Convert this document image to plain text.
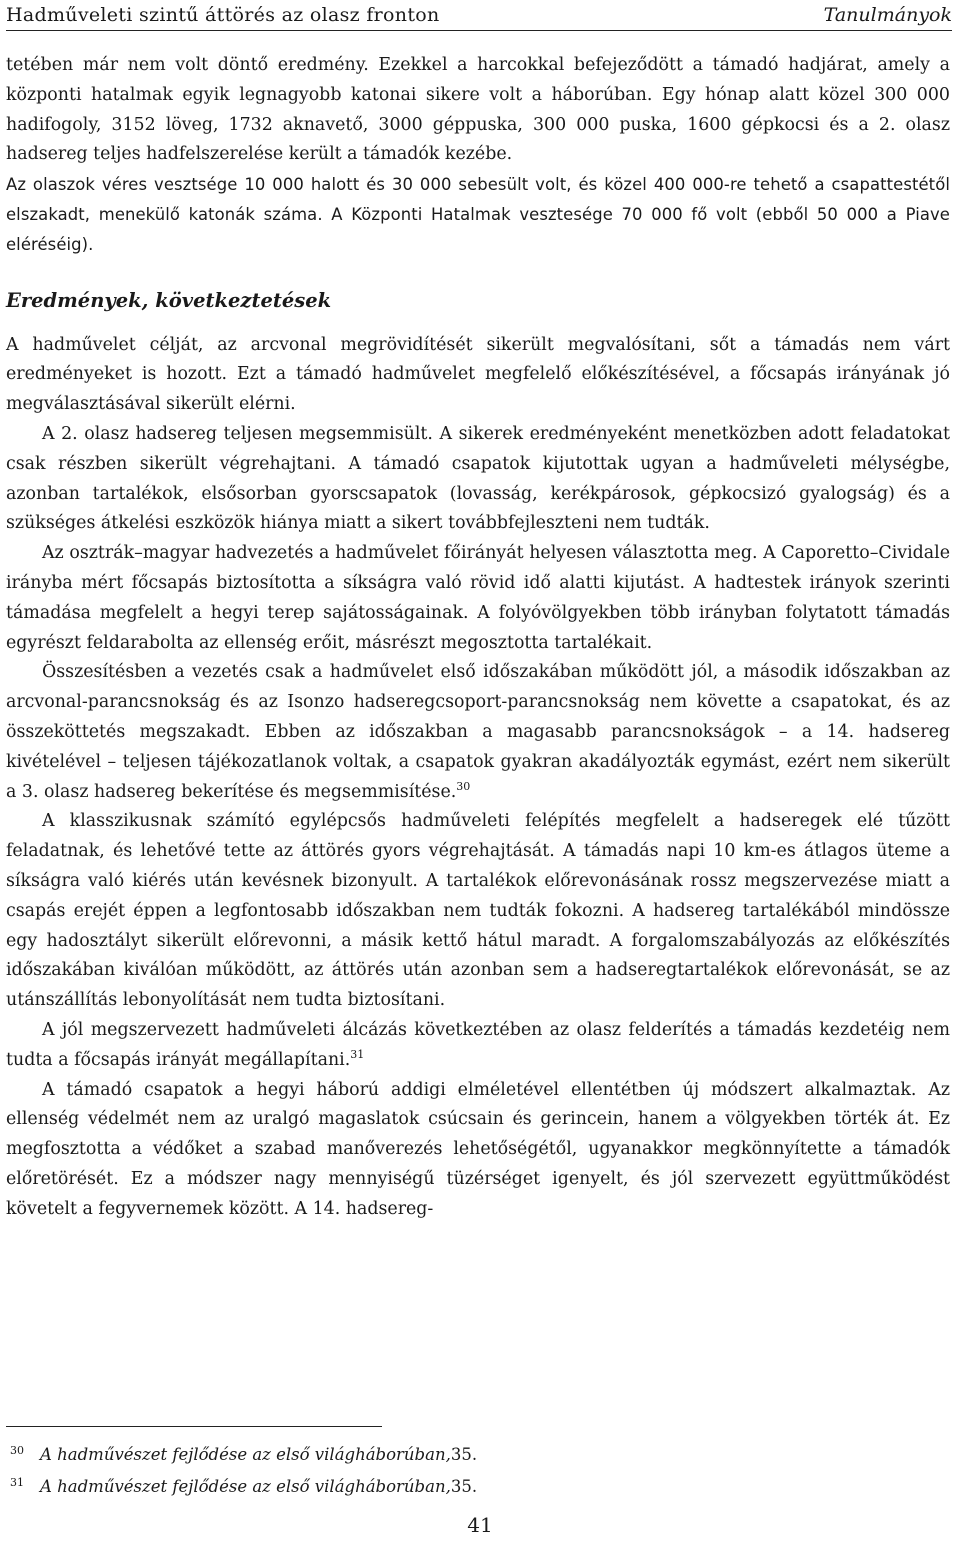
Hadműveleti szintű áttörés az olasz fronton	Tanulmányok

tetében már nem volt döntő eredmény. Ezekkel a harcokkal befejeződött a támadó hadjárat, amely a központi hatalmak egyik legnagyobb katonai sikere volt a háborúban. Egy hónap alatt közel 300 000 hadifogoly, 3152 löveg, 1732 aknavető, 3000 géppuska, 300 000 puska, 1600 gépkocsi és a 2. olasz hadsereg teljes hadfelszerelése került a támadók kezébe.

Az olaszok véres vesztsége 10 000 halott és 30 000 sebesült volt, és közel 400 000-re tehető a csapattestétől elszakadt, menekülő katonák száma. A Központi Hatalmak vesztesége 70 000 fő volt (ebből 50 000 a Piave eléréséig).

Eredmények, következtetések

A hadművelet célját, az arcvonal megrövidítését sikerült megvalósítani, sőt a támadás nem várt eredményeket is hozott. Ezt a támadó hadművelet megfelelő előkészítésével, a főcsapás irányának jó megválasztásával sikerült elérni.

A 2. olasz hadsereg teljesen megsemmisült. A sikerek eredményeként menetközben adott feladatokat csak részben sikerült végrehajtani. A támadó csapatok kijutottak ugyan a hadműveleti mélységbe, azonban tartalékok, elsősorban gyorscsapatok (lovasság, kerékpárosok, gépkocsizó gyalogság) és a szükséges átkelési eszközök hiánya miatt a sikert továbbfejleszteni nem tudták.

Az osztrák–magyar hadvezetés a hadművelet főirányát helyesen választotta meg. A Caporetto–Cividale irányba mért főcsapás biztosította a síkságra való rövid idő alatti kijutást. A hadtestek irányok szerinti támadása megfelelt a hegyi terep sajátosságainak. A folyóvölgyekben több irányban folytatott támadás egyrészt feldarabolta az ellenség erőit, másrészt megosztotta tartalékait.

Összesítésben a vezetés csak a hadművelet első időszakában működött jól, a második időszakban az arcvonal-parancsnokság és az Isonzo hadseregcsoport-parancsnokság nem követte a csapatokat, és az összeköttetés megszakadt. Ebben az időszakban a magasabb parancsnokságok – a 14. hadsereg kivételével – teljesen tájékozatlanok voltak, a csapatok gyakran akadályozták egymást, ezért nem sikerült a 3. olasz hadsereg bekerítése és megsemmisítése.$^{30}$

A klasszikusnak számító egylépcsős hadműveleti felépítés megfelelt a hadseregek elé tűzött feladatnak, és lehetővé tette az áttörés gyors végrehajtását. A támadás napi 10 km-es átlagos üteme a síkságra való kiérés után kevésnek bizonyult. A tartalékok előrevonásának rossz megszervezése miatt a csapás erejét éppen a legfontosabb időszakban nem tudták fokozni. A hadsereg tartalékából mindössze egy hadosztályt sikerült előrevonni, a másik kettő hátul maradt. A forgalomszabályozás az előkészítés időszakában kiválóan működött, az áttörés után azonban sem a hadseregtartalékok előrevonását, se az utánszállítás lebonyolítását nem tudta biztosítani.

A jól megszervezett hadműveleti álcázás következtében az olasz felderítés a támadás kezdetéig nem tudta a főcsapás irányát megállapítani.$^{31}$

A támadó csapatok a hegyi háború addigi elméletével ellentétben új módszert alkalmaztak. Az ellenség védelmét nem az uralgó magaslatok csúcsain és gerincein, hanem a völgyekben törték át. Ez megfosztotta a védőket a szabad manőverezés lehetőségétől, ugyanakkor megkönnyítette a támadók előretörését. Ez a módszer nagy mennyiségű tüzérséget igenyelt, és jól szervezett együttműködést követelt a fegyvernemek között. A 14. hadsereg-

30 A hadművészet fejlődése az első világháborúban, 35.
31 A hadművészet fejlődése az első világháborúban, 35.
41
